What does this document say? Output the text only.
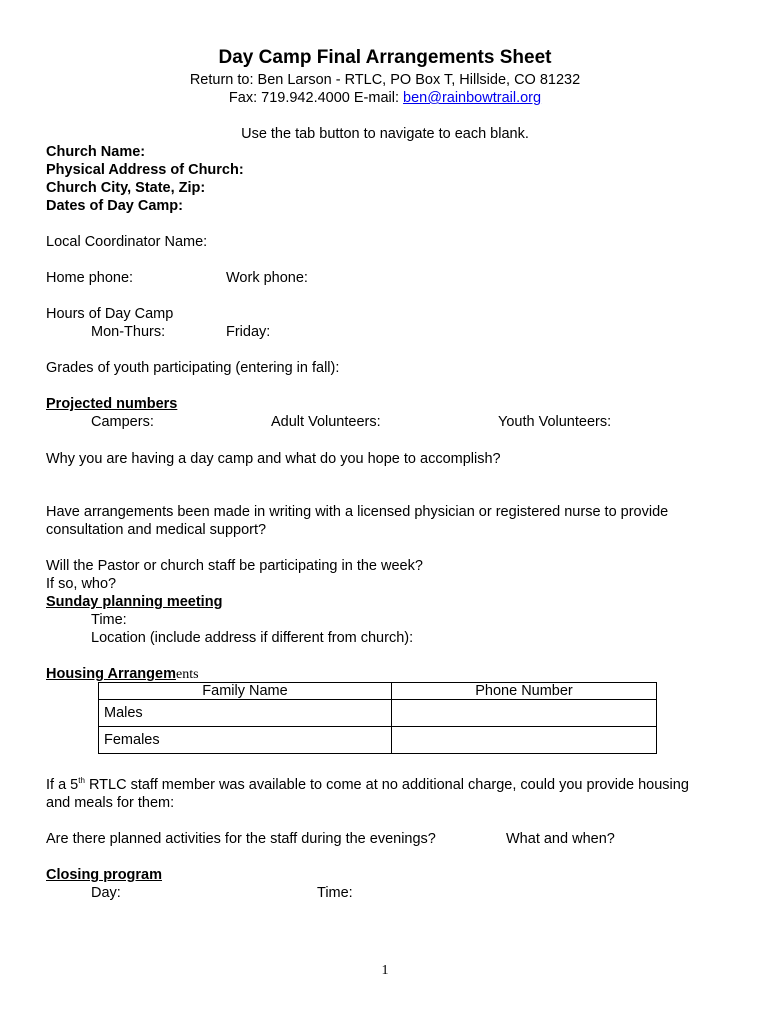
Day Camp Final Arrangements Sheet
Return to: Ben Larson - RTLC, PO Box T, Hillside, CO 81232
Fax: 719.942.4000 E-mail: ben@rainbowtrail.org
Use the tab button to navigate to each blank.
Church Name:
Physical Address of Church:
Church City, State, Zip:
Dates of Day Camp:
Local Coordinator Name:
Home phone:	Work phone:
Hours of Day Camp
Mon-Thurs:	Friday:
Grades of youth participating (entering in fall):
Projected numbers
Campers:	Adult Volunteers:	Youth Volunteers:
Why you are having a day camp and what do you hope to accomplish?
Have arrangements been made in writing with a licensed physician or registered nurse to provide
consultation and medical support?
Will the Pastor or church staff be participating in the week?
If so, who?
Sunday planning meeting
Time:
Location (include address if different from church):
Housing Arrangements
Family Name	Phone Number
Males	
Females	
If a 5th RTLC staff member was available to come at no additional charge, could you provide housing
and meals for them:
Are there planned activities for the staff during the evenings?	What and when?
Closing program
Day:	Time:
1
